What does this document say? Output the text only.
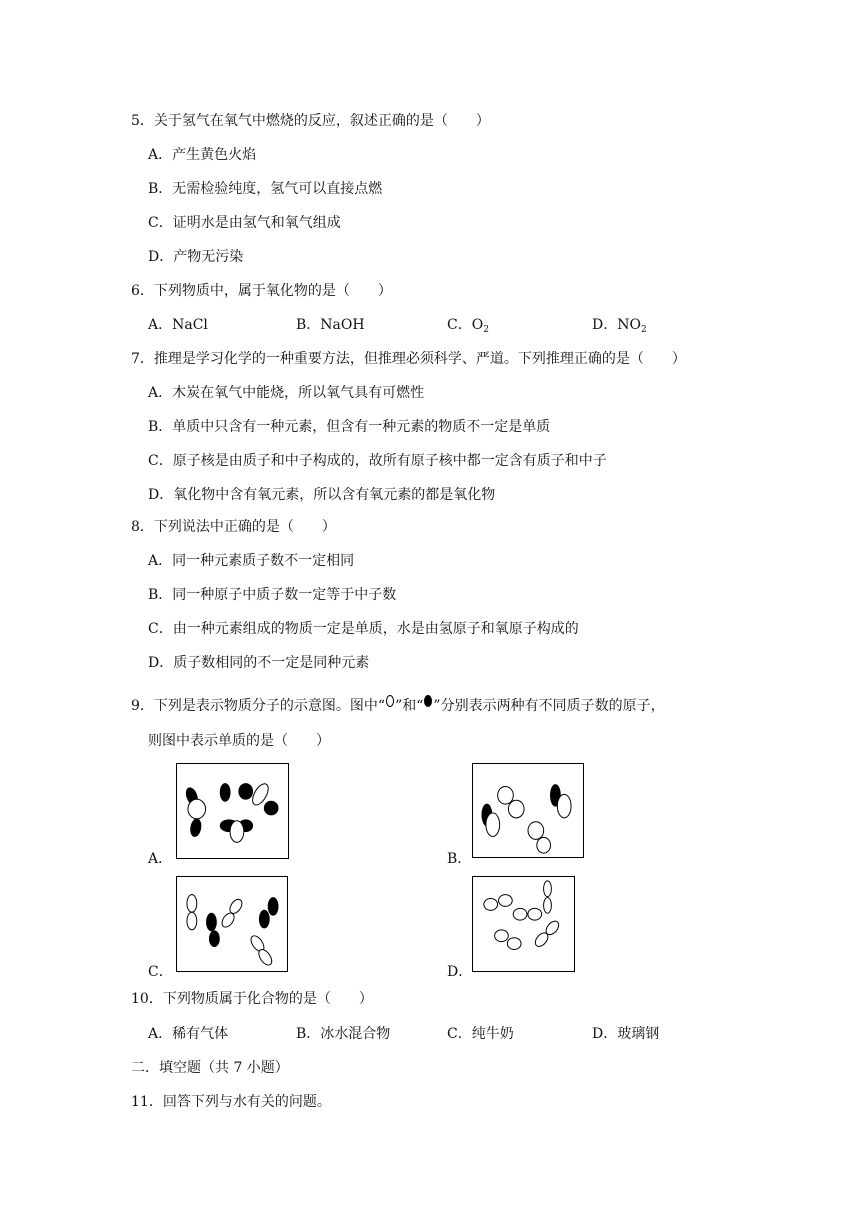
5．关于氢气在氧气中燃烧的反应，叙述正确的是（　　）
A．产生黄色火焰
B．无需检验纯度，氢气可以直接点燃
C．证明水是由氢气和氧气组成
D．产物无污染
6．下列物质中，属于氧化物的是（　　）
A．NaCl	B．NaOH	C．$O_2$	D．$NO_2$
7．推理是学习化学的一种重要方法，但推理必须科学、严道。下列推理正确的是（　　）
A．木炭在氧气中能烧，所以氧气具有可燃性
B．单质中只含有一种元素，但含有一种元素的物质不一定是单质
C．原子核是由质子和中子构成的，故所有原子核中都一定含有质子和中子
D．氧化物中含有氧元素，所以含有氧元素的都是氧化物
8．下列说法中正确的是（　　）
A．同一种元素质子数不一定相同
B．同一种原子中质子数一定等于中子数
C．由一种元素组成的物质一定是单质，水是由氢原子和氧原子构成的
D．质子数相同的不一定是同种元素
9．下列是表示物质分子的示意图。图中“ ”和“ ”分别表示两种有不同质子数的原子，
则图中表示单质的是（　　）
A．	B．
C．	D．
10．下列物质属于化合物的是（　　）
A．稀有气体	B．冰水混合物	C．纯牛奶	D．玻璃钢
二．填空题（共 7 小题）
11．回答下列与水有关的问题。
